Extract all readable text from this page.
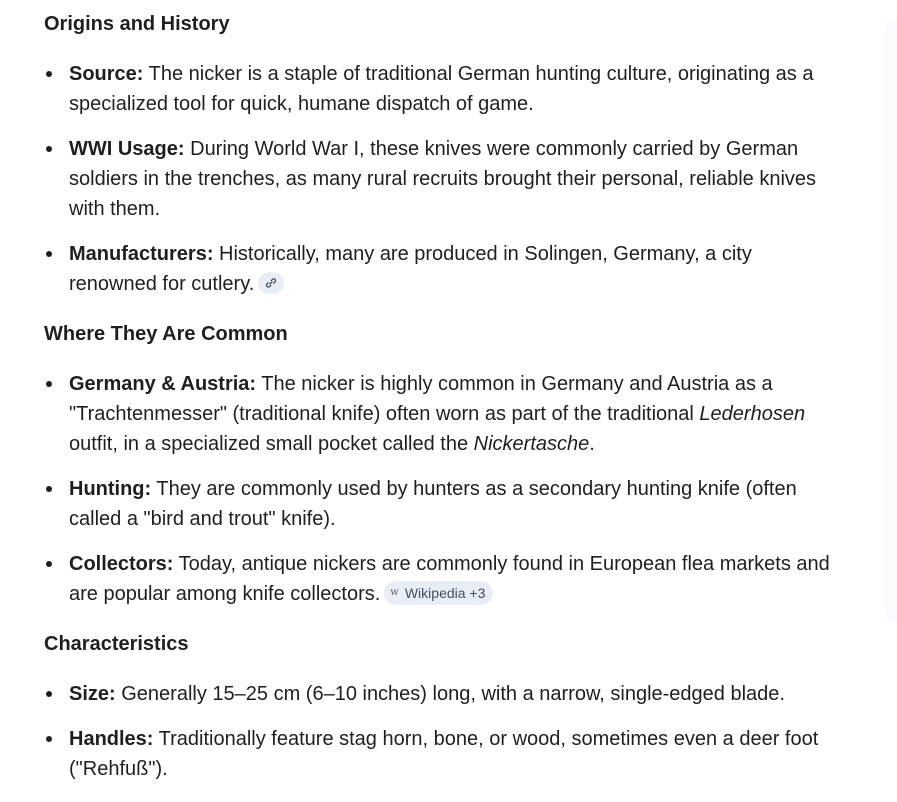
Origins and History
Source: The nicker is a staple of traditional German hunting culture, originating as a specialized tool for quick, humane dispatch of game.
WWI Usage: During World War I, these knives were commonly carried by German soldiers in the trenches, as many rural recruits brought their personal, reliable knives with them.
Manufacturers: Historically, many are produced in Solingen, Germany, a city renowned for cutlery.
Where They Are Common
Germany & Austria: The nicker is highly common in Germany and Austria as a "Trachtenmesser" (traditional knife) often worn as part of the traditional Lederhosen outfit, in a specialized small pocket called the Nickertasche.
Hunting: They are commonly used by hunters as a secondary hunting knife (often called a "bird and trout" knife).
Collectors: Today, antique nickers are commonly found in European flea markets and are popular among knife collectors. w Wikipedia +3
Characteristics
Size: Generally 15–25 cm (6–10 inches) long, with a narrow, single-edged blade.
Handles: Traditionally feature stag horn, bone, or wood, sometimes even a deer foot ("Rehfuß").
